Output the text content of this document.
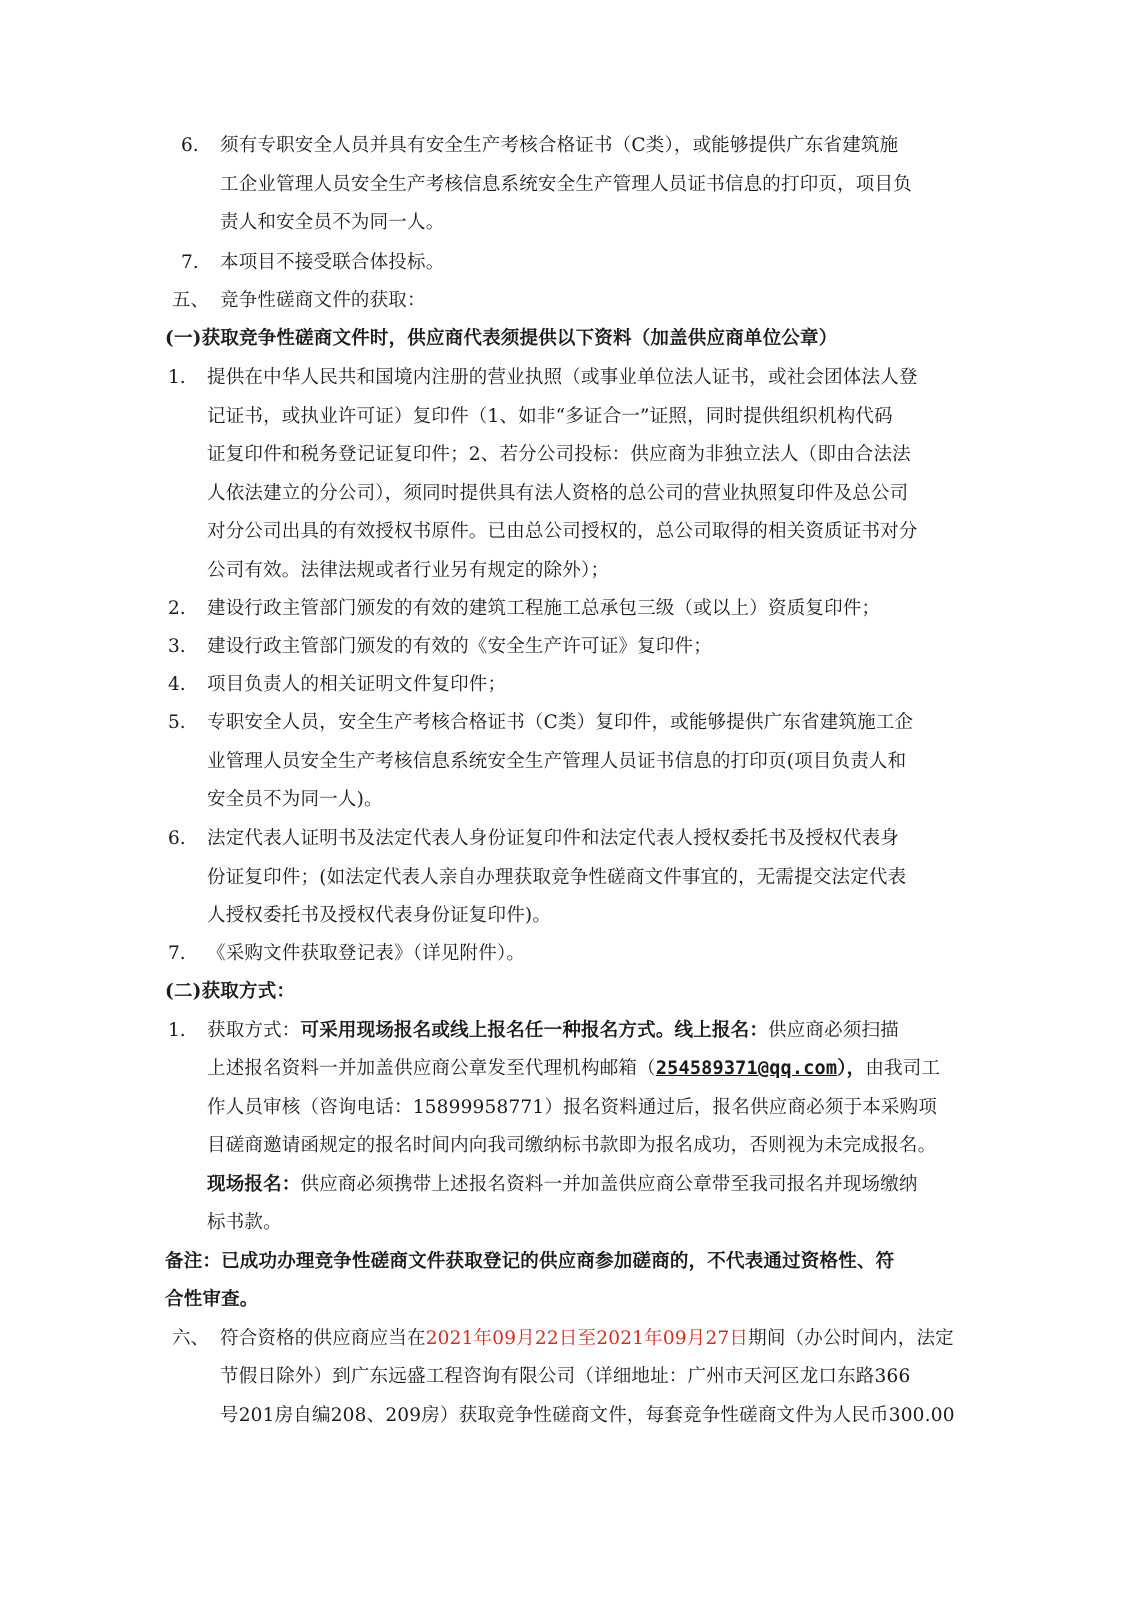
6. 须有专职安全人员并具有安全生产考核合格证书（C类），或能够提供广东省建筑施
工企业管理人员安全生产考核信息系统安全生产管理人员证书信息的打印页，项目负
责人和安全员不为同一人。
7. 本项目不接受联合体投标。
五、 竞争性磋商文件的获取：
(一)获取竞争性磋商文件时，供应商代表须提供以下资料（加盖供应商单位公章）
1. 提供在中华人民共和国境内注册的营业执照（或事业单位法人证书，或社会团体法人登
记证书，或执业许可证）复印件（1、如非“多证合一”证照，同时提供组织机构代码
证复印件和税务登记证复印件；2、若分公司投标：供应商为非独立法人（即由合法法
人依法建立的分公司），须同时提供具有法人资格的总公司的营业执照复印件及总公司
对分公司出具的有效授权书原件。已由总公司授权的，总公司取得的相关资质证书对分
公司有效。法律法规或者行业另有规定的除外）；
2. 建设行政主管部门颁发的有效的建筑工程施工总承包三级（或以上）资质复印件；
3. 建设行政主管部门颁发的有效的《安全生产许可证》复印件；
4. 项目负责人的相关证明文件复印件；
5. 专职安全人员，安全生产考核合格证书（C类）复印件，或能够提供广东省建筑施工企
业管理人员安全生产考核信息系统安全生产管理人员证书信息的打印页(项目负责人和
安全员不为同一人)。
6. 法定代表人证明书及法定代表人身份证复印件和法定代表人授权委托书及授权代表身
份证复印件；(如法定代表人亲自办理获取竞争性磋商文件事宜的，无需提交法定代表
人授权委托书及授权代表身份证复印件)。
7. 《采购文件获取登记表》（详见附件）。
(二)获取方式：
1. 获取方式：可采用现场报名或线上报名任一种报名方式。线上报名：供应商必须扫描
上述报名资料一并加盖供应商公章发至代理机构邮箱（254589371@qq.com），由我司工
作人员审核（咨询电话：15899958771）报名资料通过后，报名供应商必须于本采购项
目磋商邀请函规定的报名时间内向我司缴纳标书款即为报名成功，否则视为未完成报名。
现场报名：供应商必须携带上述报名资料一并加盖供应商公章带至我司报名并现场缴纳
标书款。
备注：已成功办理竞争性磋商文件获取登记的供应商参加磋商的，不代表通过资格性、符
合性审查。
六、 符合资格的供应商应当在2021年09月22日至2021年09月27日期间（办公时间内，法定
节假日除外）到广东远盛工程咨询有限公司（详细地址：广州市天河区龙口东路366
号201房自编208、209房）获取竞争性磋商文件，每套竞争性磋商文件为人民币300.00
